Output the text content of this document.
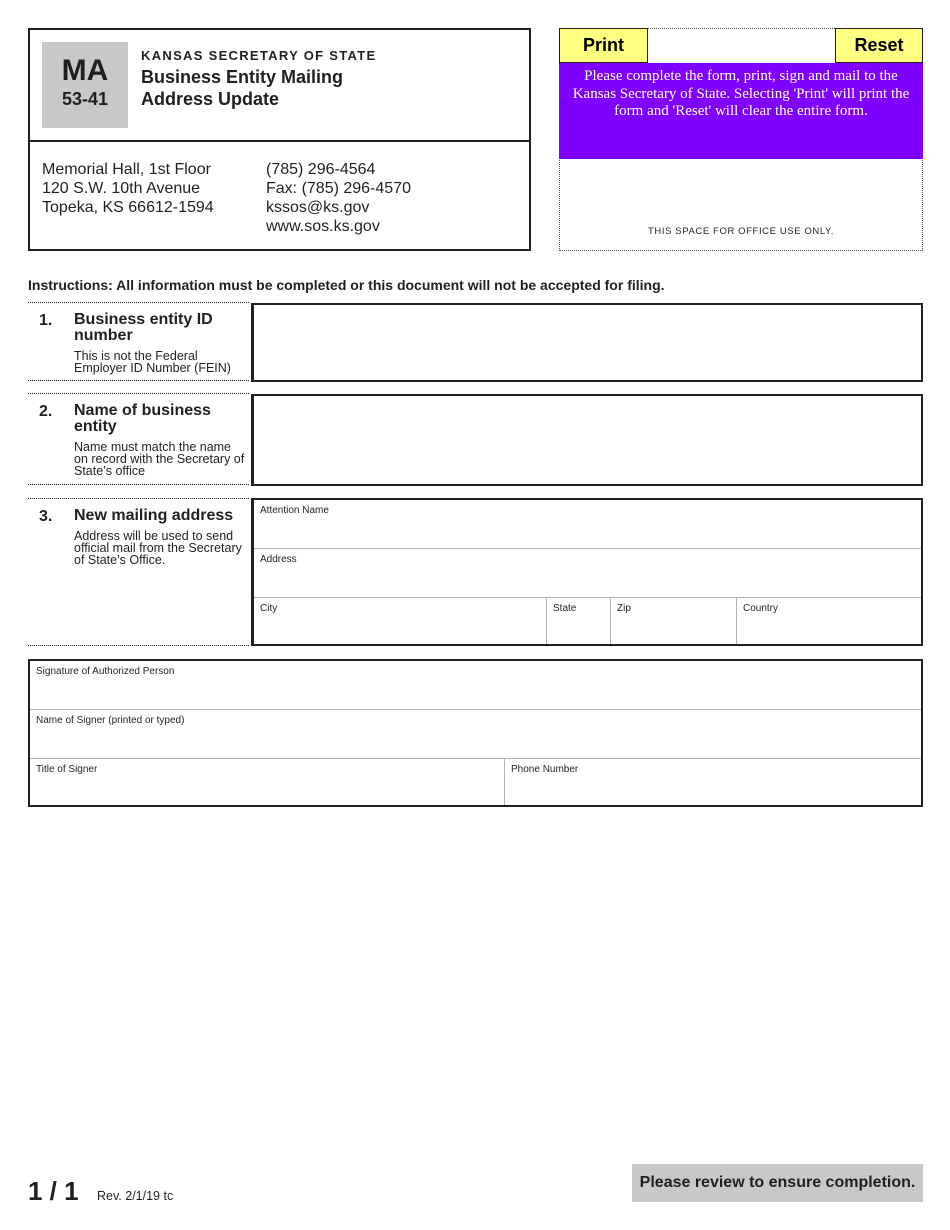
MA
53-41
KANSAS SECRETARY OF STATE
Business Entity Mailing Address Update
Memorial Hall, 1st Floor
120 S.W. 10th Avenue
Topeka, KS 66612-1594
(785) 296-4564
Fax: (785) 296-4570
kssos@ks.gov
www.sos.ks.gov
Print	Reset
Please complete the form, print, sign and mail to the Kansas Secretary of State. Selecting 'Print' will print the form and 'Reset' will clear the entire form.
THIS SPACE FOR OFFICE USE ONLY.
Instructions: All information must be completed or this document will not be accepted for filing.
1. Business entity ID number
This is not the Federal Employer ID Number (FEIN)
2. Name of business entity
Name must match the name on record with the Secretary of State’s office
3. New mailing address
Address will be used to send official mail from the Secretary of State’s Office.
Attention Name
Address
City	State	Zip	Country
Signature of Authorized Person
Name of Signer (printed or typed)
Title of Signer	Phone Number
1 / 1 Rev. 2/1/19 tc
Please review to ensure completion.
